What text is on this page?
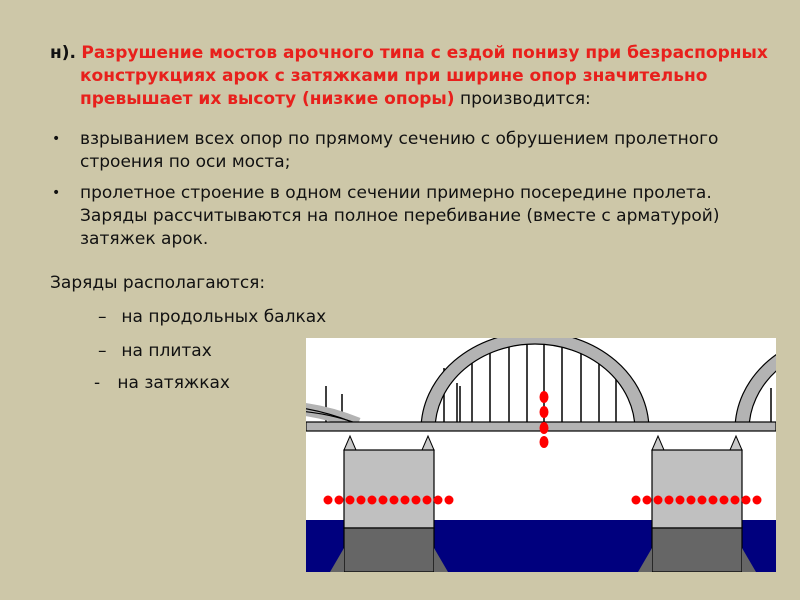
н). Разрушение мостов арочного типа с ездой понизу при безраспорных конструкциях арок с затяжками при ширине опор значительно превышает их высоту (низкие опоры) производится:
• взрыванием всех опор по прямому сечению с обрушением пролетного строения по оси моста;
• пролетное строение в одном сечении примерно посередине пролета. Заряды рассчитываются на полное перебивание (вместе с арматурой) затяжек арок.
Заряды располагаются:
– на продольных балках
– на плитах
- на затяжках
